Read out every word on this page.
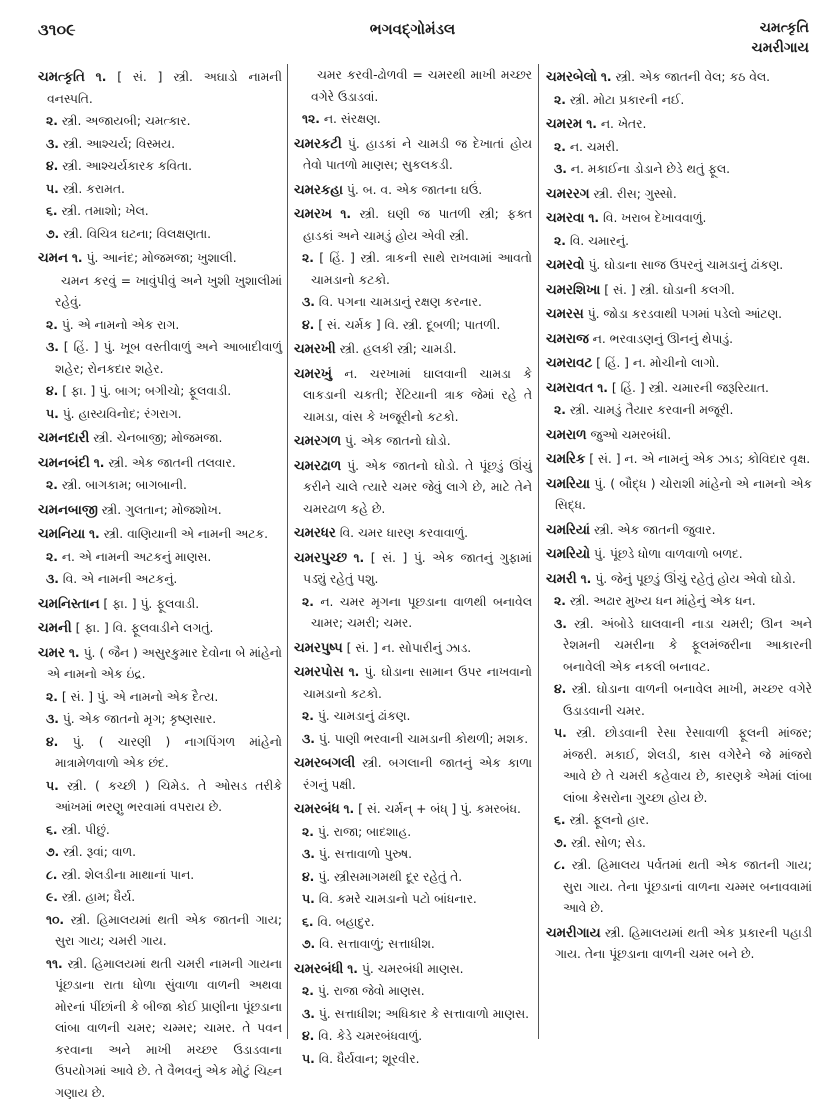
૩૧૦૯	ભગવદ્ગોમંડલ	ચમત્કૃતિ
ચમરીગાય
ચમત્કૃતિ ૧. [ સં. ] સ્ત્રી. અઘાડો નામની વનસ્પતિ.
૨. સ્ત્રી. અજાયબી; ચમત્કાર.
૩. સ્ત્રી. આશ્ચર્ય; વિસ્મય.
૪. સ્ત્રી. આશ્ચર્યકારક કવિતા.
૫. સ્ત્રી. કરામત.
૬. સ્ત્રી. તમાશો; ખેલ.
૭. સ્ત્રી. વિચિત્ર ઘટના; વિલક્ષણતા.
ચમન ૧. પું. આનંદ; મોજમજા; ખુશાલી.
ચમન કરવું = ખાવુંપીવું અને ખુશી ખુશાલીમાં રહેવું.
૨. પું. એ નામનો એક રાગ.
૩. [ હિં. ] પું. ખૂબ વસ્તીવાળું અને આબાદીવાળું શહેર; રોનકદાર શહેર.
૪. [ ફા. ] પું. બાગ; બગીચો; ફૂલવાડી.
૫. પું. હાસ્યવિનોદ; રંગરાગ.
ચમનદારી સ્ત્રી. ચેનબાજી; મોજમજા.
ચમનબંદી ૧. સ્ત્રી. એક જાતની તલવાર.
૨. સ્ત્રી. બાગકામ; બાગબાની.
ચમનબાજી સ્ત્રી. ગુલતાન; મોજશોખ.
ચમનિયા ૧. સ્ત્રી. વાણિયાની એ નામની અટક.
૨. ન. એ નામની અટકનું માણસ.
૩. વિ. એ નામની અટકનું.
ચમનિસ્તાન [ ફા. ] પું. ફૂલવાડી.
ચમની [ ફા. ] વિ. ફૂલવાડીને લગતું.
ચમર ૧. પું. ( જૈન ) અસુરકુમાર દેવોના બે માંહેનો એ નામનો એક ઇંદ્ર.
૨. [ સં. ] પું. એ નામનો એક દૈત્ય.
૩. પું. એક જાતનો મૃગ; કૃષ્ણસાર.
૪. પું. ( ચારણી ) નાગપિંગળ માંહેનો માત્રામેળવાળો એક છંદ.
૫. સ્ત્રી. ( કચ્છી ) ચિમેડ. તે ઓસડ તરીકે આંખમાં ભરણુ ભરવામાં વપરાય છે.
૬. સ્ત્રી. પીછું.
૭. સ્ત્રી. રૂવાં; વાળ.
૮. સ્ત્રી. શેલડીના માથાનાં પાન.
૯. સ્ત્રી. હામ; ધૈર્ય.
૧૦. સ્ત્રી. હિમાલયમાં થતી એક જાતની ગાય; સુરા ગાય; ચમરી ગાય.
૧૧. સ્ત્રી. હિમાલયમાં થતી ચમરી નામની ગાયના પૂંછડાના રાતા ધોળા સુંવાળા વાળની અથવા મોરનાં પીંછાંની કે બીજા કોઈ પ્રાણીના પૂંછડાના લાંબા વાળની ચમર; ચમ્મર; ચામર. તે પવન કરવાના અને માખી મચ્છર ઉડાડવાના ઉપયોગમાં આવે છે. તે વૈભવનું એક મોટું ચિહ્ન ગણાય છે.
ચમર કરવી-ઢોળવી = ચમરથી માખી મચ્છર વગેરે ઉડાડવાં.
૧૨. ન. સંરક્ષણ.
ચમરકટી પું. હાડકાં ને ચામડી જ દેખાતાં હોય તેવો પાતળો માણસ; સુકલકડી.
ચમરકહા પું. બ. વ. એક જાતના ઘઉં.
ચમરખ ૧. સ્ત્રી. ઘણી જ પાતળી સ્ત્રી; ફક્ત હાડકાં અને ચામડું હોય એવી સ્ત્રી.
૨. [ હિં. ] સ્ત્રી. ત્રાકની સાથે રાખવામાં આવતો ચામડાનો કટકો.
૩. વિ. પગના ચામડાનું રક્ષણ કરનાર.
૪. [ સં. ચર્મક ] વિ. સ્ત્રી. દૂબળી; પાતળી.
ચમરખી સ્ત્રી. હલકી સ્ત્રી; ચામડી.
ચમરખું ન. ચરખામાં ઘાલવાની ચામડા કે લાકડાની ચકતી; રેંટિયાની ત્રાક જેમાં રહે તે ચામડા, વાંસ કે ખજૂરીનો કટકો.
ચમરગળ પું. એક જાતનો ઘોડો.
ચમરઢાળ પું. એક જાતનો ઘોડો. તે પૂંછડું ઊંચું કરીને ચાલે ત્યારે ચમર જેવું લાગે છે, માટે તેને ચમરઢાળ કહે છે.
ચમરધર વિ. ચમર ધારણ કરવાવાળું.
ચમરપુચ્છ ૧. [ સં. ] પું. એક જાતનું ગુફામાં પડ્યું રહેતું પશુ.
૨. ન. ચમર મૃગના પૂછડાના વાળથી બનાવેલ ચામર; ચમરી; ચમર.
ચમરપુષ્પ [ સં. ] ન. સોપારીનું ઝાડ.
ચમરપોસ ૧. પું. ઘોડાના સામાન ઉપર નાખવાનો ચામડાનો કટકો.
૨. પું. ચામડાનું ઢાંકણ.
૩. પું. પાણી ભરવાની ચામડાની કોથળી; મશક.
ચમરબગલી સ્ત્રી. બગલાની જાતનું એક કાળા રંગનું પક્ષી.
ચમરબંધ ૧. [ સં. ચર્મન્ + બંધ્ ] પું. કમરબંધ.
૨. પું. રાજા; બાદશાહ.
૩. પું. સત્તાવાળો પુરુષ.
૪. પું. સ્ત્રીસમાગમથી દૂર રહેતું તે.
૫. વિ. કમરે ચામડાનો પટો બાંધનાર.
૬. વિ. બહાદુર.
૭. વિ. સત્તાવાળું; સત્તાધીશ.
ચમરબંધી ૧. પું. ચમરબંધી માણસ.
૨. પું. રાજા જેવો માણસ.
૩. પું. સત્તાધીશ; અધિકાર કે સત્તાવાળો માણસ.
૪. વિ. કેડે ચમરબંધવાળું.
૫. વિ. ધૈર્યવાન; શૂરવીર.
ચમરબેલો ૧. સ્ત્રી. એક જાતની વેલ; કઠ વેલ.
૨. સ્ત્રી. મોટા પ્રકારની નઈ.
ચમરમ ૧. ન. ખેતર.
૨. ન. ચમરી.
૩. ન. મકાઈના ડોડાને છેડે થતું ફૂલ.
ચમરરગ સ્ત્રી. રીસ; ગુસ્સો.
ચમરવા ૧. વિ. ખરાબ દેખાવવાળું.
૨. વિ. ચમારનું.
ચમરવો પું. ઘોડાના સાજ ઉપરનું ચામડાનું ઢાંકણ.
ચમરશિખા [ સં. ] સ્ત્રી. ઘોડાની કલગી.
ચમરસ પું. જોડા કરડવાથી પગમાં પડેલો આંટણ.
ચમરાજ ન. ભરવાડણનું ઊનનું થેપાડું.
ચમરાવટ [ હિં. ] ન. મોચીનો લાગો.
ચમરાવત ૧. [ હિં. ] સ્ત્રી. ચમારની જરૂરિયાત.
૨. સ્ત્રી. ચામડું તૈયાર કરવાની મજૂરી.
ચમરાળ જુઓ ચમરબંધી.
ચમરિક [ સં. ] ન. એ નામનું એક ઝાડ; કોવિદાર વૃક્ષ.
ચમરિયા પું. ( બૌદ્ધ ) ચોરાશી માંહેનો એ નામનો એક સિદ્ધ.
ચમરિયાં સ્ત્રી. એક જાતની જુવાર.
ચમરિયો પું. પૂંછડે ધોળા વાળવાળો બળદ.
ચમરી ૧. પું. જેનું પૂછડું ઊંચું રહેતું હોય એવો ઘોડો.
૨. સ્ત્રી. અઢાર મુખ્ય ધન માંહેનું એક ધન.
૩. સ્ત્રી. અંબોડે ઘાલવાની નાડા ચમરી; ઊન અને રેશમની ચમરીના કે ફૂલમંજરીના આકારની બનાવેલી એક નકલી બનાવટ.
૪. સ્ત્રી. ઘોડાના વાળની બનાવેલ માખી, મચ્છર વગેરે ઉડાડવાની ચમર.
૫. સ્ત્રી. છોડવાની રેસા રેસાવાળી ફૂલની માંજર; મંજરી. મકાઈ, શેલડી, કાસ વગેરેને જે માંજરો આવે છે તે ચમરી કહેવાય છે, કારણકે એમાં લાંબા લાંબા કેસરોના ગુચ્છા હોય છે.
૬. સ્ત્રી. ફૂલનો હાર.
૭. સ્ત્રી. સોળ; સેડ.
૮. સ્ત્રી. હિમાલય પર્વતમાં થતી એક જાતની ગાય; સુરા ગાય. તેના પૂંછડાનાં વાળના ચમ્મર બનાવવામાં આવે છે.
ચમરીગાય સ્ત્રી. હિમાલયમાં થતી એક પ્રકારની પહાડી ગાય. તેના પૂંછડાના વાળની ચમર બને છે.
